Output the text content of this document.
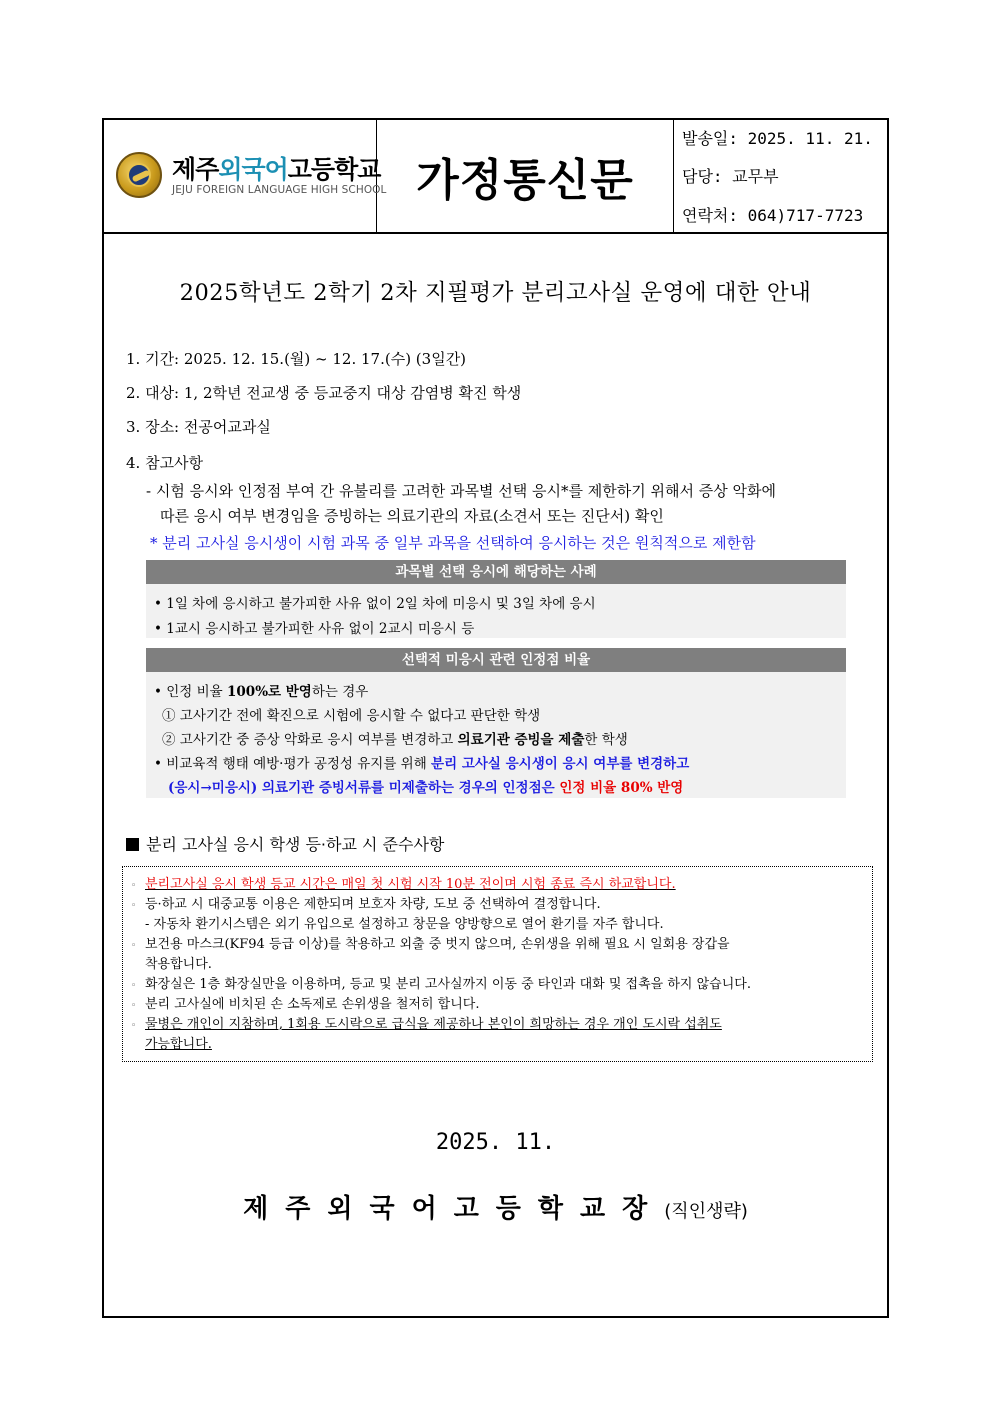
제주외국어고등학교
JEJU FOREIGN LANGUAGE HIGH SCHOOL 가정통신문
발송일: 2025. 11. 21.
담당: 교무부
연락처: 064)717-7723
2025학년도 2학기 2차 지필평가 분리고사실 운영에 대한 안내
1. 기간: 2025. 12. 15.(월) ~ 12. 17.(수) (3일간)
2. 대상: 1, 2학년 전교생 중 등교중지 대상 감염병 확진 학생
3. 장소: 전공어교과실
4. 참고사항
- 시험 응시와 인정점 부여 간 유불리를 고려한 과목별 선택 응시*를 제한하기 위해서 증상 악화에
따른 응시 여부 변경임을 증빙하는 의료기관의 자료(소견서 또는 진단서) 확인
* 분리 고사실 응시생이 시험 과목 중 일부 과목을 선택하여 응시하는 것은 원칙적으로 제한함
과목별 선택 응시에 해당하는 사례
• 1일 차에 응시하고 불가피한 사유 없이 2일 차에 미응시 및 3일 차에 응시
• 1교시 응시하고 불가피한 사유 없이 2교시 미응시 등
선택적 미응시 관련 인정점 비율
• 인정 비율 100%로 반영하는 경우
① 고사기간 전에 확진으로 시험에 응시할 수 없다고 판단한 학생
② 고사기간 중 증상 악화로 응시 여부를 변경하고 의료기관 증빙을 제출한 학생
• 비교육적 행태 예방·평가 공정성 유지를 위해 분리 고사실 응시생이 응시 여부를 변경하고
(응시→미응시) 의료기관 증빙서류를 미제출하는 경우의 인정점은 인정 비율 80% 반영
분리 고사실 응시 학생 등·하교 시 준수사항
◦ 분리고사실 응시 학생 등교 시간은 매일 첫 시험 시작 10분 전이며 시험 종료 즉시 하교합니다.
◦ 등·하교 시 대중교통 이용은 제한되며 보호자 차량, 도보 중 선택하여 결정합니다.
- 자동차 환기시스템은 외기 유입으로 설정하고 창문을 양방향으로 열어 환기를 자주 합니다.
◦ 보건용 마스크(KF94 등급 이상)를 착용하고 외출 중 벗지 않으며, 손위생을 위해 필요 시 일회용 장갑을
착용합니다.
◦ 화장실은 1층 화장실만을 이용하며, 등교 및 분리 고사실까지 이동 중 타인과 대화 및 접촉을 하지 않습니다.
◦ 분리 고사실에 비치된 손 소독제로 손위생을 철저히 합니다.
◦ 물병은 개인이 지참하며, 1회용 도시락으로 급식을 제공하나 본인이 희망하는 경우 개인 도시락 섭취도
가능합니다.
2025. 11.
제주외국어고등학교장(직인생략)
